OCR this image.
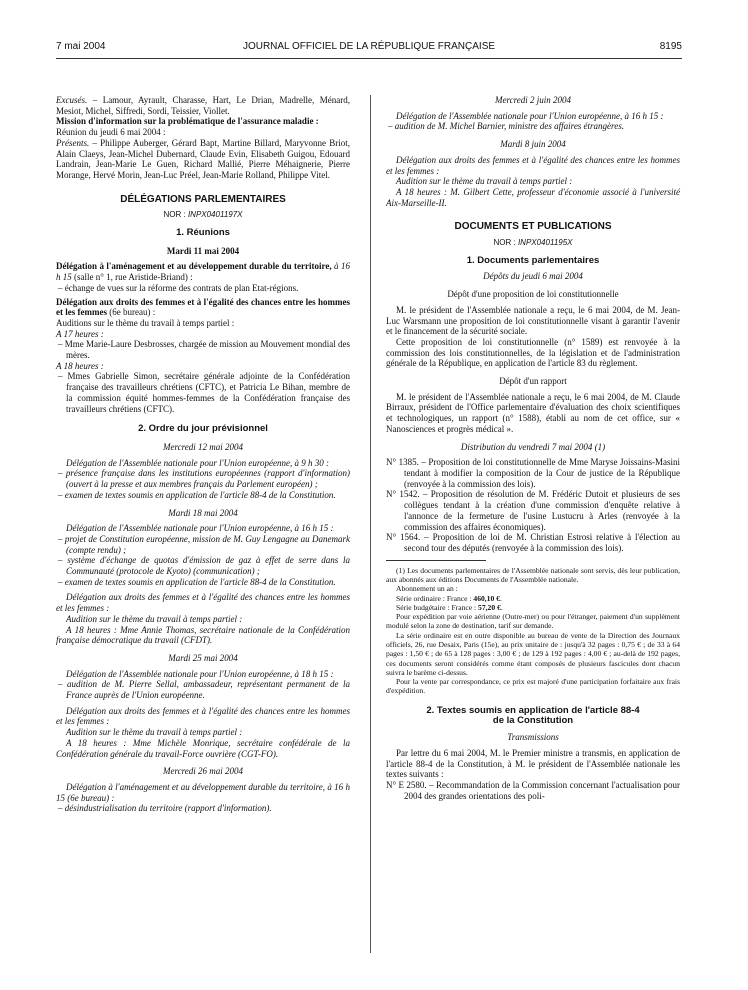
7 mai 2004	JOURNAL OFFICIEL DE LA RÉPUBLIQUE FRANÇAISE	8195

Excusés. – Lamour, Ayrault, Charasse, Hart, Le Drian, Madrelle, Ménard, Mesiot, Michel, Siffredi, Sordi, Teissier, Viollet.

Mission d'information sur la problématique de l'assurance maladie :

Réunion du jeudi 6 mai 2004 :

Présents. – Philippe Auberger, Gérard Bapt, Martine Billard, Maryvonne Briot, Alain Claeys, Jean-Michel Dubernard, Claude Evin, Elisabeth Guigou, Edouard Landrain, Jean-Marie Le Guen, Richard Mallié, Pierre Méhaignerie, Pierre Morange, Hervé Morin, Jean-Luc Préel, Jean-Marie Rolland, Philippe Vitel.

DÉLÉGATIONS PARLEMENTAIRES

NOR : INPX0401197X

1. Réunions

Mardi 11 mai 2004

Délégation à l'aménagement et au développement durable du territoire, à 16 h 15 (salle n° 1, rue Aristide-Briand) :

– échange de vues sur la réforme des contrats de plan Etat-régions.

Délégation aux droits des femmes et à l'égalité des chances entre les hommes et les femmes (6e bureau) :

Auditions sur le thème du travail à temps partiel :

A 17 heures :

– Mme Marie-Laure Desbrosses, chargée de mission au Mouvement mondial des mères.

A 18 heures :

– Mmes Gabrielle Simon, secrétaire générale adjointe de la Confédération française des travailleurs chrétiens (CFTC), et Patricia Le Bihan, membre de la commission équité hommes-femmes de la Confédération française des travailleurs chrétiens (CFTC).

2. Ordre du jour prévisionnel

Mercredi 12 mai 2004

Délégation de l'Assemblée nationale pour l'Union européenne, à 9 h 30 :

– présence française dans les institutions européennes (rapport d'information) (ouvert à la presse et aux membres français du Parlement européen) ;

– examen de textes soumis en application de l'article 88-4 de la Constitution.

Mardi 18 mai 2004

Délégation de l'Assemblée nationale pour l'Union européenne, à 16 h 15 :

– projet de Constitution européenne, mission de M. Guy Lengagne au Danemark (compte rendu) ;

– système d'échange de quotas d'émission de gaz à effet de serre dans la Communauté (protocole de Kyoto) (communication) ;

– examen de textes soumis en application de l'article 88-4 de la Constitution.

Délégation aux droits des femmes et à l'égalité des chances entre les hommes et les femmes :

Audition sur le thème du travail à temps partiel :

A 18 heures : Mme Annie Thomas, secrétaire nationale de la Confédération française démocratique du travail (CFDT).

Mardi 25 mai 2004

Délégation de l'Assemblée nationale pour l'Union européenne, à 18 h 15 :

– audition de M. Pierre Sellal, ambassadeur, représentant permanent de la France auprès de l'Union européenne.

Délégation aux droits des femmes et à l'égalité des chances entre les hommes et les femmes :

Audition sur le thème du travail à temps partiel :

A 18 heures : Mme Michèle Monrique, secrétaire confédérale de la Confédération générale du travail-Force ouvrière (CGT-FO).

Mercredi 26 mai 2004

Délégation à l'aménagement et au développement durable du territoire, à 16 h 15 (6e bureau) :

– désindustrialisation du territoire (rapport d'information).

Mercredi 2 juin 2004

Délégation de l'Assemblée nationale pour l'Union européenne, à 16 h 15 :

– audition de M. Michel Barnier, ministre des affaires étrangères.

Mardi 8 juin 2004

Délégation aux droits des femmes et à l'égalité des chances entre les hommes et les femmes :

Audition sur le thème du travail à temps partiel :

A 18 heures : M. Gilbert Cette, professeur d'économie associé à l'université Aix-Marseille-II.

DOCUMENTS ET PUBLICATIONS

NOR : INPX0401195X

1. Documents parlementaires

Dépôts du jeudi 6 mai 2004

Dépôt d'une proposition de loi constitutionnelle

M. le président de l'Assemblée nationale a reçu, le 6 mai 2004, de M. Jean-Luc Warsmann une proposition de loi constitutionnelle visant à garantir l'avenir et le financement de la sécurité sociale.

Cette proposition de loi constitutionnelle (n° 1589) est renvoyée à la commission des lois constitutionnelles, de la législation et de l'administration générale de la République, en application de l'article 83 du règlement.

Dépôt d'un rapport

M. le président de l'Assemblée nationale a reçu, le 6 mai 2004, de M. Claude Birraux, président de l'Office parlementaire d'évaluation des choix scientifiques et technologiques, un rapport (n° 1588), établi au nom de cet office, sur « Nanosciences et progrès médical ».

Distribution du vendredi 7 mai 2004 (1)

N° 1385. – Proposition de loi constitutionnelle de Mme Maryse Joissains-Masini tendant à modifier la composition de la Cour de justice de la République (renvoyée à la commission des lois).

N° 1542. – Proposition de résolution de M. Frédéric Dutoit et plusieurs de ses collègues tendant à la création d'une commission d'enquête relative à l'annonce de la fermeture de l'usine Lustucru à Arles (renvoyée à la commission des affaires économiques).

N° 1564. – Proposition de loi de M. Christian Estrosi relative à l'élection au second tour des députés (renvoyée à la commission des lois).

(1) Les documents parlementaires de l'Assemblée nationale sont servis, dès leur publication, aux abonnés aux éditions Documents de l'Assemblée nationale.

Abonnement un an :

Série ordinaire : France : 460,10 €.

Série budgétaire : France : 57,20 €.

Pour expédition par voie aérienne (Outre-mer) ou pour l'étranger, paiement d'un supplément modulé selon la zone de destination, tarif sur demande.

La série ordinaire est en outre disponible au bureau de vente de la Direction des Journaux officiels, 26, rue Desaix, Paris (15e), au prix unitaire de : jusqu'à 32 pages : 0,75 € ; de 33 à 64 pages : 1,50 € ; de 65 à 128 pages : 3,00 € ; de 129 à 192 pages : 4,00 € ; au-delà de 192 pages, ces documents seront considérés comme étant composés de plusieurs fascicules dont chacun suivra le barème ci-dessus.

Pour la vente par correspondance, ce prix est majoré d'une participation forfaitaire aux frais d'expédition.

2. Textes soumis en application de l'article 88-4
de la Constitution

Transmissions

Par lettre du 6 mai 2004, M. le Premier ministre a transmis, en application de l'article 88-4 de la Constitution, à M. le président de l'Assemblée nationale les textes suivants :

N° E 2580. – Recommandation de la Commission concernant l'actualisation pour 2004 des grandes orientations des poli-
